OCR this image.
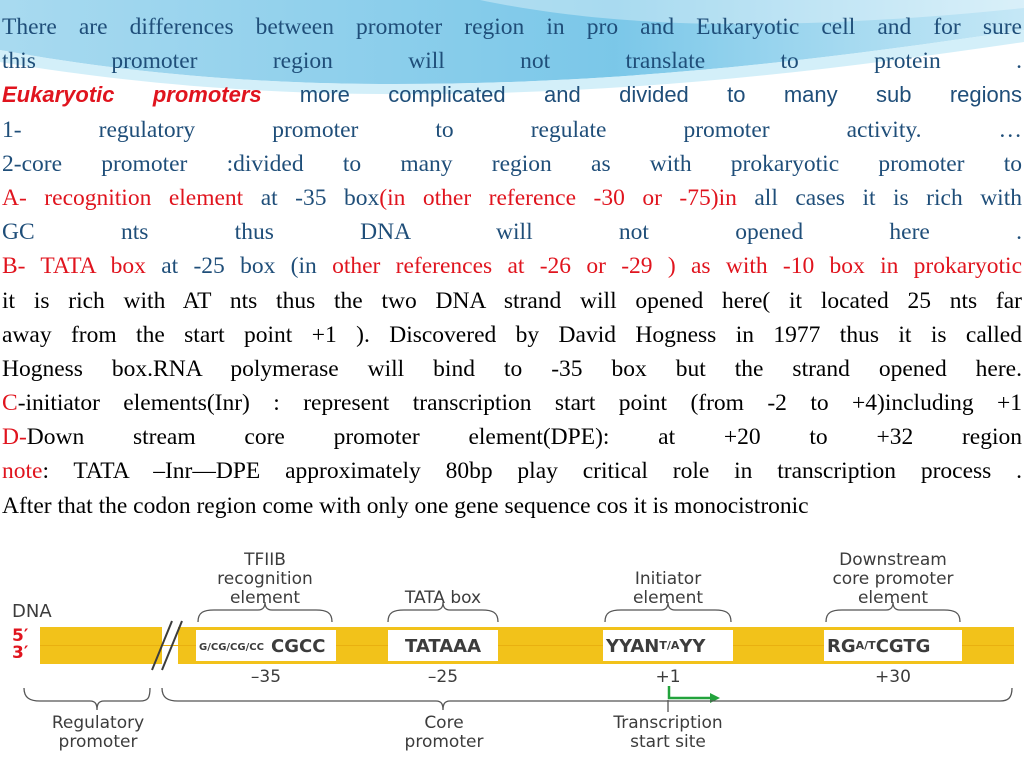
There are differences between promoter region in pro and Eukaryotic cell and for sure
this promoter region will not translate to protein	.
Eukaryotic promoters more complicated and divided to many sub regions
1- regulatory promoter to regulate promoter activity.	…
2-core promoter :divided to many region as with prokaryotic promoter to
A- recognition element at -35 box(in other reference -30 or -75)in all cases it is rich with
GC nts thus DNA will not opened here	.
B- TATA box at -25 box (in other references at -26 or -29 ) as with -10 box in prokaryotic
it is rich with AT nts thus the two DNA strand will opened here( it located 25 nts far
away from the start point +1 ). Discovered by David Hogness in 1977 thus it is called
Hogness box.RNA polymerase will bind to -35 box but the strand opened here.
C-initiator elements(Inr) : represent transcription start point (from -2 to +4)including +1
D-Down stream core promoter element(DPE): at +20 to +32 region
note: TATA –Inr—DPE approximately 80bp play critical role in transcription process .
After that the codon region come with only one gene sequence cos it is monocistronic
TFIIB
recognition
element	TATA box
Initiator
element
Downstream
core promoter
element
DNA
5′
3′	G/CG/CG/CC CGCC	TATAAA	YYANT/AYY	RGA/TCGTG
–35	–25	+1	+30
Regulatory
promoter
Core
promoter
Transcription
start site
